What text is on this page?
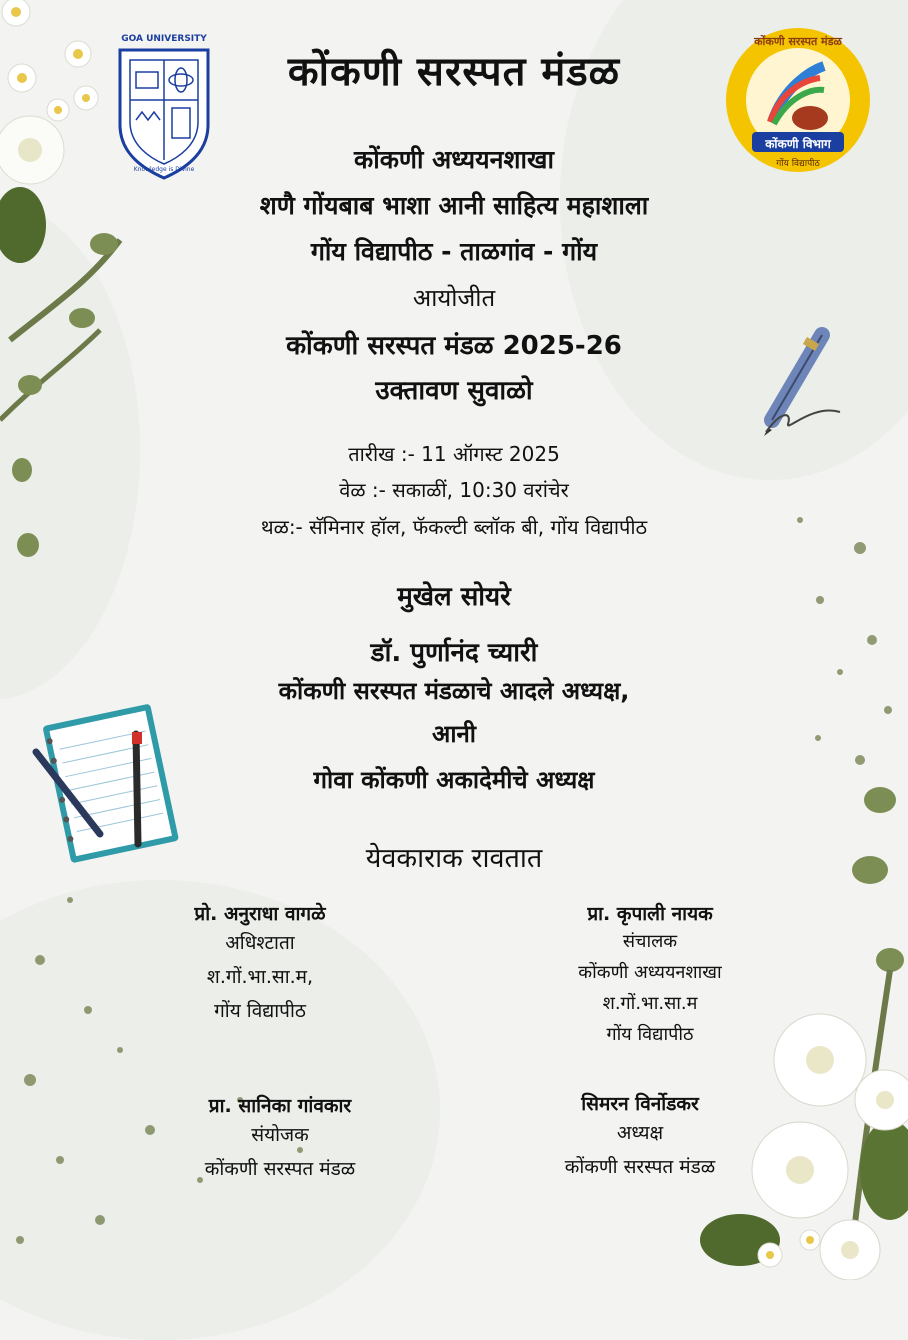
GOA UNIVERSITY
Knowledge is Divine
कोंकणी सरस्पत मंडळ
कोंकणी विभाग
गोंय विद्यापीठ
कोंकणी सरस्पत मंडळ
कोंकणी अध्ययनशाखा
शणै गोंयबाब भाशा आनी साहित्य महाशाला
गोंय विद्यापीठ - ताळगांव - गोंय
आयोजीत
कोंकणी सरस्पत मंडळ 2025-26
उक्तावण सुवाळो
तारीख :- 11 ऑगस्ट 2025
वेळ :- सकाळीं, 10:30 वरांचेर
थळ:- सॅमिनार हॉल, फॅकल्टी ब्लॉक बी, गोंय विद्यापीठ
मुखेल सोयरे
डॉ. पुर्णानंद च्यारी
कोंकणी सरस्पत मंडळाचे आदले अध्यक्ष,
आनी
गोवा कोंकणी अकादेमीचे अध्यक्ष
येवकाराक रावतात
प्रो. अनुराधा वागळे
अधिश्टाता
श.गों.भा.सा.म,
गोंय विद्यापीठ
प्रा. कृपाली नायक
संचालक
कोंकणी अध्ययनशाखा
श.गों.भा.सा.म
गोंय विद्यापीठ
प्रा. सानिका गांवकार
संयोजक
कोंकणी सरस्पत मंडळ
सिमरन विर्नोडकर
अध्यक्ष
कोंकणी सरस्पत मंडळ
